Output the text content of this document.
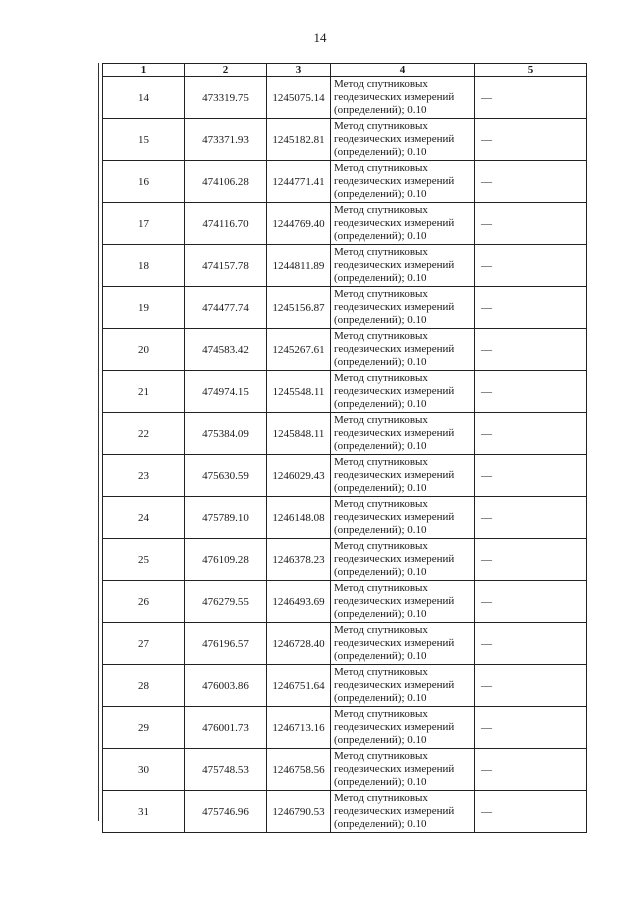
14
1	2	3	4	5
14	473319.75	1245075.14	Метод спутниковых
геодезических измерений
(определений); 0.10	—
15	473371.93	1245182.81	Метод спутниковых
геодезических измерений
(определений); 0.10	—
16	474106.28	1244771.41	Метод спутниковых
геодезических измерений
(определений); 0.10	—
17	474116.70	1244769.40	Метод спутниковых
геодезических измерений
(определений); 0.10	—
18	474157.78	1244811.89	Метод спутниковых
геодезических измерений
(определений); 0.10	—
19	474477.74	1245156.87	Метод спутниковых
геодезических измерений
(определений); 0.10	—
20	474583.42	1245267.61	Метод спутниковых
геодезических измерений
(определений); 0.10	—
21	474974.15	1245548.11	Метод спутниковых
геодезических измерений
(определений); 0.10	—
22	475384.09	1245848.11	Метод спутниковых
геодезических измерений
(определений); 0.10	—
23	475630.59	1246029.43	Метод спутниковых
геодезических измерений
(определений); 0.10	—
24	475789.10	1246148.08	Метод спутниковых
геодезических измерений
(определений); 0.10	—
25	476109.28	1246378.23	Метод спутниковых
геодезических измерений
(определений); 0.10	—
26	476279.55	1246493.69	Метод спутниковых
геодезических измерений
(определений); 0.10	—
27	476196.57	1246728.40	Метод спутниковых
геодезических измерений
(определений); 0.10	—
28	476003.86	1246751.64	Метод спутниковых
геодезических измерений
(определений); 0.10	—
29	476001.73	1246713.16	Метод спутниковых
геодезических измерений
(определений); 0.10	—
30	475748.53	1246758.56	Метод спутниковых
геодезических измерений
(определений); 0.10	—
31	475746.96	1246790.53	Метод спутниковых
геодезических измерений
(определений); 0.10	—
